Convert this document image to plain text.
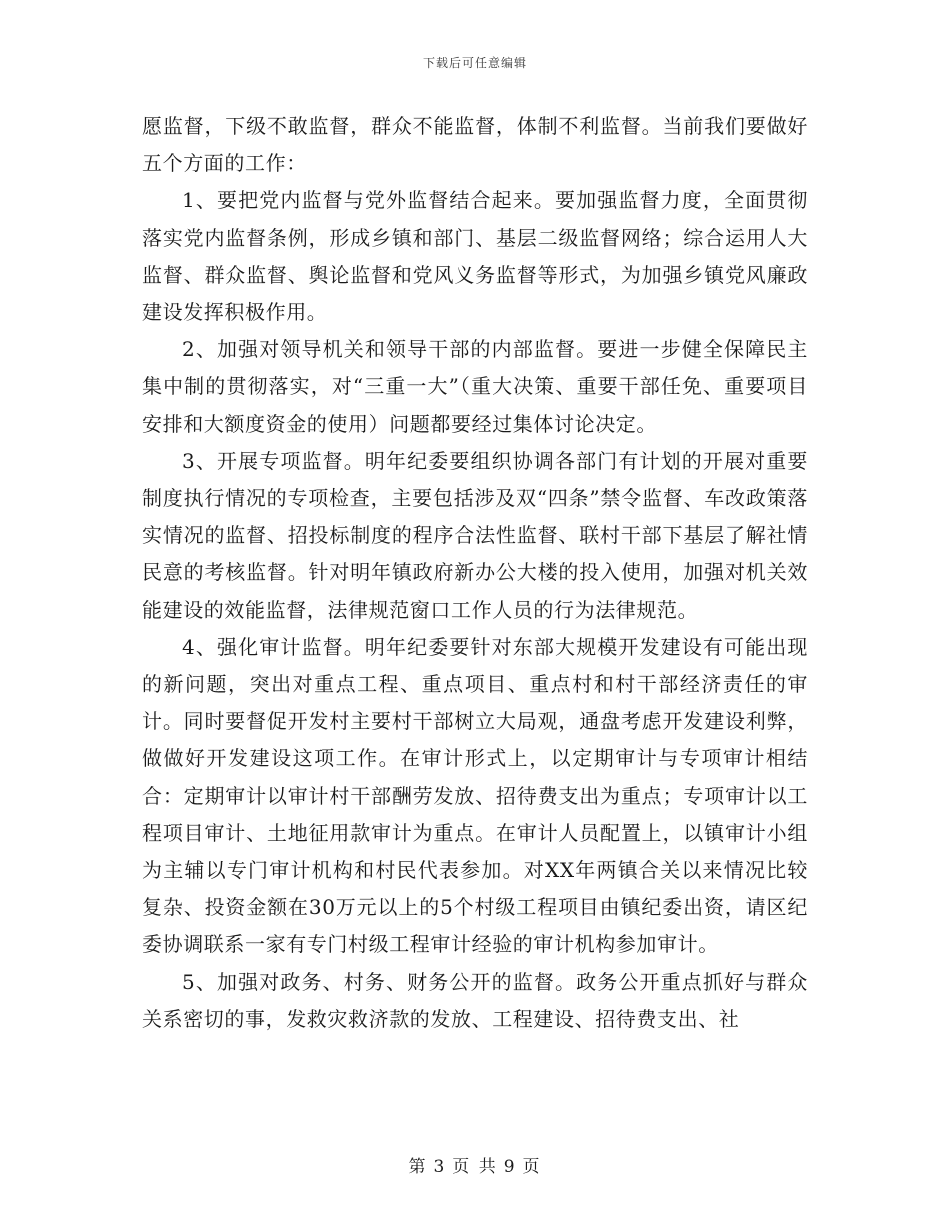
下载后可任意编辑

愿监督，下级不敢监督，群众不能监督，体制不利监督。当前我们要做好五个方面的工作：

1、要把党内监督与党外监督结合起来。要加强监督力度，全面贯彻落实党内监督条例，形成乡镇和部门、基层二级监督网络；综合运用人大监督、群众监督、舆论监督和党风义务监督等形式，为加强乡镇党风廉政建设发挥积极作用。

2、加强对领导机关和领导干部的内部监督。要进一步健全保障民主集中制的贯彻落实，对“三重一大”（重大决策、重要干部任免、重要项目安排和大额度资金的使用）问题都要经过集体讨论决定。

3、开展专项监督。明年纪委要组织协调各部门有计划的开展对重要制度执行情况的专项检查，主要包括涉及双“四条”禁令监督、车改政策落实情况的监督、招投标制度的程序合法性监督、联村干部下基层了解社情民意的考核监督。针对明年镇政府新办公大楼的投入使用，加强对机关效能建设的效能监督，法律规范窗口工作人员的行为法律规范。

4、强化审计监督。明年纪委要针对东部大规模开发建设有可能出现的新问题，突出对重点工程、重点项目、重点村和村干部经济责任的审计。同时要督促开发村主要村干部树立大局观，通盘考虑开发建设利弊，做做好开发建设这项工作。在审计形式上，以定期审计与专项审计相结合：定期审计以审计村干部酬劳发放、招待费支出为重点；专项审计以工程项目审计、土地征用款审计为重点。在审计人员配置上，以镇审计小组为主辅以专门审计机构和村民代表参加。对XX年两镇合关以来情况比较复杂、投资金额在30万元以上的5个村级工程项目由镇纪委出资，请区纪委协调联系一家有专门村级工程审计经验的审计机构参加审计。

5、加强对政务、村务、财务公开的监督。政务公开重点抓好与群众关系密切的事，发救灾救济款的发放、工程建设、招待费支出、社

第 3 页 共 9 页
